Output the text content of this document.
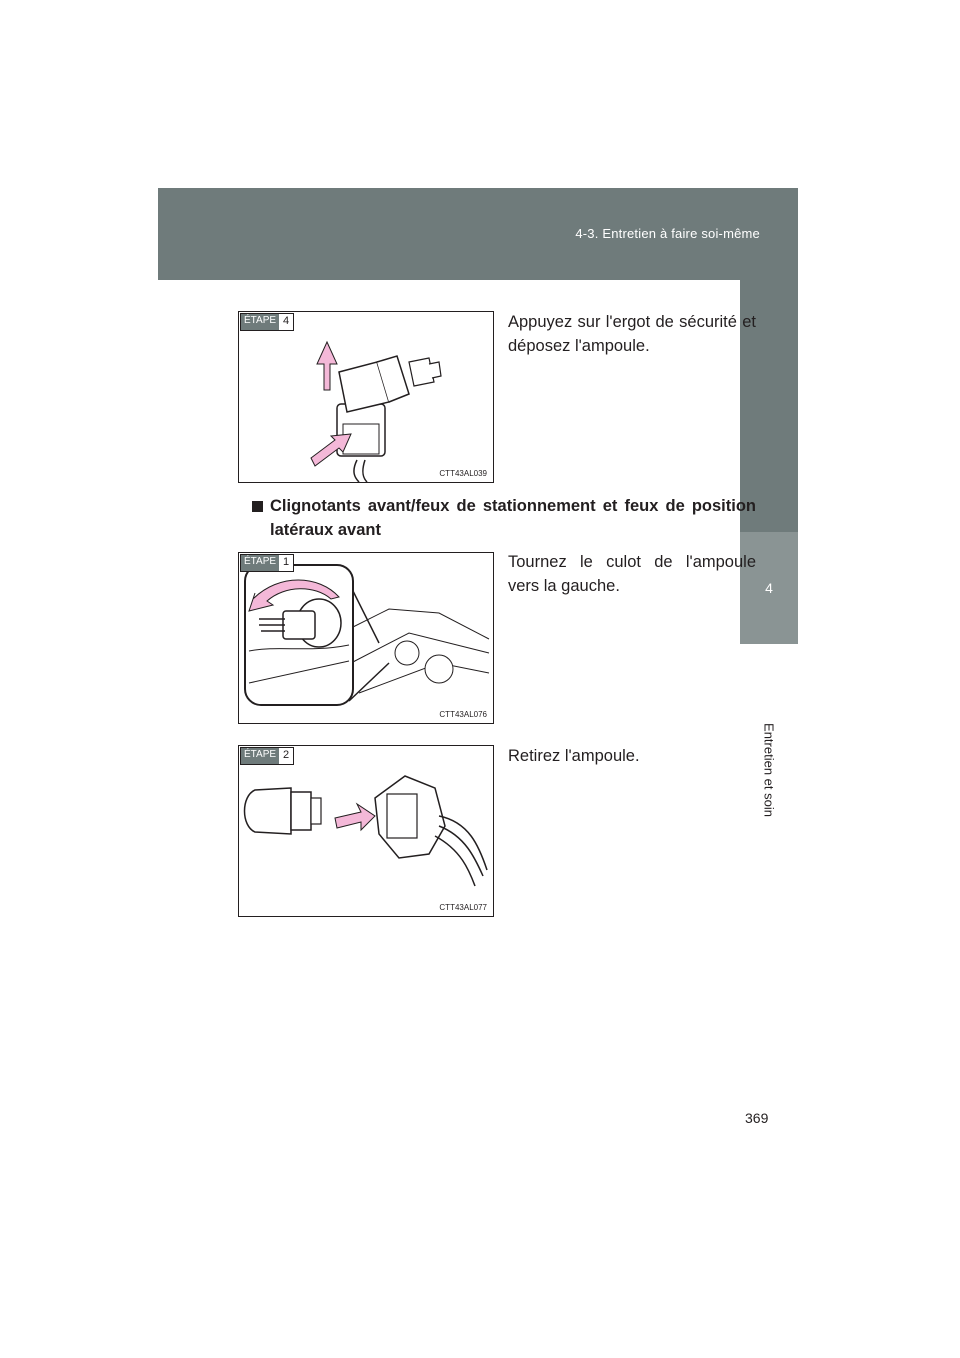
4-3. Entretien à faire soi-même
4
Entretien et soin
ÉTAPE 4
CTT43AL039
Appuyez sur l'ergot de sécurité et déposez l'ampoule.
Clignotants avant/feux de stationnement et feux de position latéraux avant
ÉTAPE 1
CTT43AL076
Tournez le culot de l'ampoule vers la gauche.
ÉTAPE 2
CTT43AL077
Retirez l'ampoule.
369
